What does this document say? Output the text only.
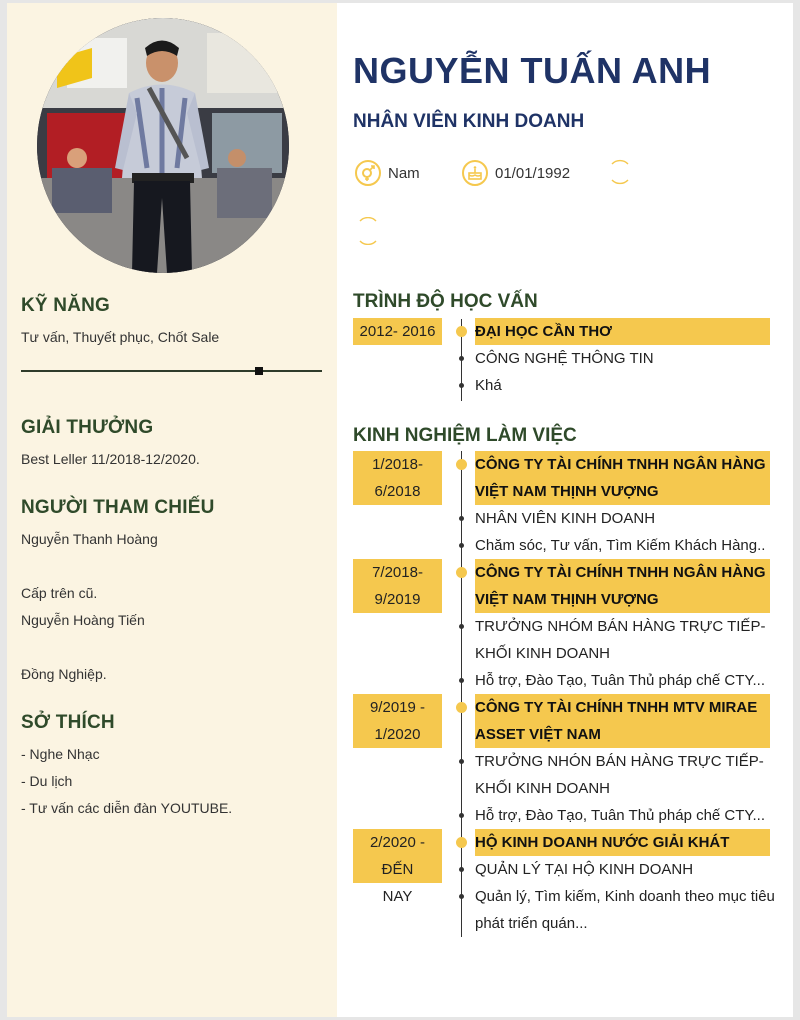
KỸ NĂNG
Tư vấn, Thuyết phục, Chốt Sale
GIẢI THƯỞNG
Best Leller 11/2018-12/2020.
NGƯỜI THAM CHIẾU
Nguyễn Thanh Hoàng
Cấp trên cũ.
Nguyễn Hoàng Tiến
Đồng Nghiệp.
SỞ THÍCH
- Nghe Nhạc
- Du lịch
- Tư vấn các diễn đàn YOUTUBE.
NGUYỄN TUẤN ANH
NHÂN VIÊN KINH DOANH
Nam	01/01/1992
TRÌNH ĐỘ HỌC VẤN
2012- 2016	ĐẠI HỌC CẦN THƠ
CÔNG NGHỆ THÔNG TIN
Khá
KINH NGHIỆM LÀM VIỆC
1/2018-
6/2018
CÔNG TY TÀI CHÍNH TNHH NGÂN HÀNG
VIỆT NAM THỊNH VƯỢNG
NHÂN VIÊN KINH DOANH
Chăm sóc, Tư vấn, Tìm Kiếm Khách Hàng..
7/2018-
9/2019
CÔNG TY TÀI CHÍNH TNHH NGÂN HÀNG
VIỆT NAM THỊNH VƯỢNG
TRƯỞNG NHÓM BÁN HÀNG TRỰC TIẾP-
KHỐI KINH DOANH
Hỗ trợ, Đào Tạo, Tuân Thủ pháp chế CTY...
9/2019 -
1/2020
CÔNG TY TÀI CHÍNH TNHH MTV MIRAE
ASSET VIỆT NAM
TRƯỞNG NHÓN BÁN HÀNG TRỰC TIẾP-
KHỐI KINH DOANH
Hỗ trợ, Đào Tạo, Tuân Thủ pháp chế CTY...
2/2020 - ĐẾN
NAY
HỘ KINH DOANH NƯỚC GIẢI KHÁT
QUẢN LÝ TẠI HỘ KINH DOANH
Quản lý, Tìm kiếm, Kinh doanh theo mục tiêu
phát triển quán...
